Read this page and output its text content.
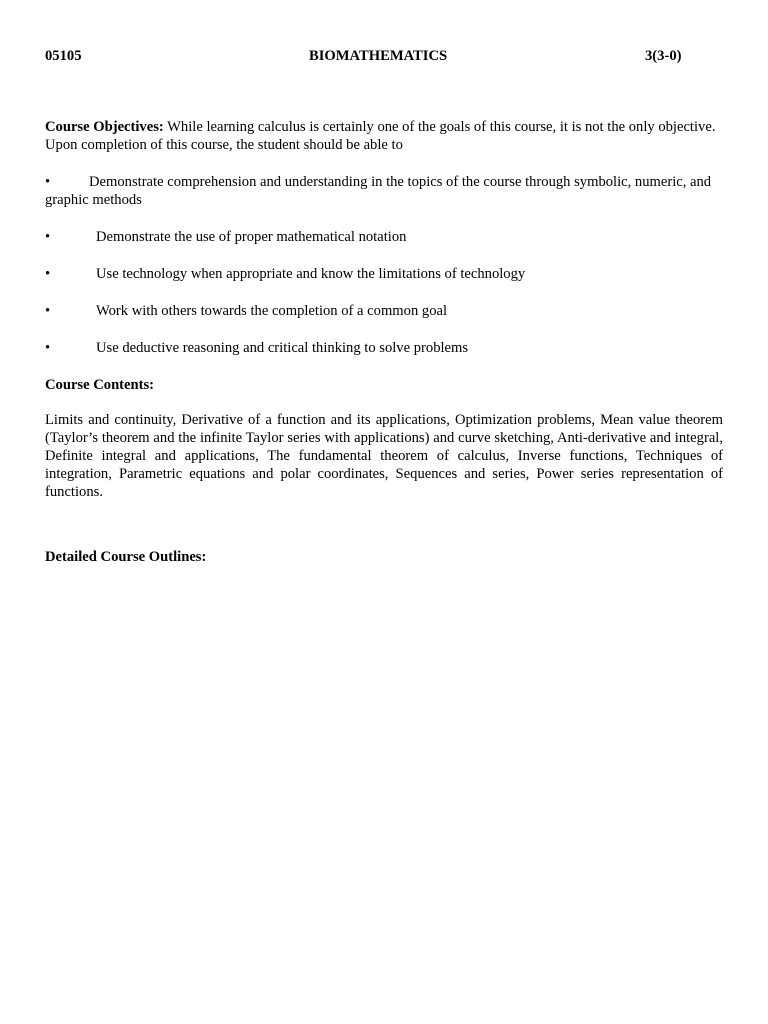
05105	BIOMATHEMATICS	3(3-0)
Course Objectives: While learning calculus is certainly one of the goals of this course, it is not the only objective. Upon completion of this course, the student should be able to
•	Demonstrate comprehension and understanding in the topics of the course through symbolic, numeric, and graphic methods
•	Demonstrate the use of proper mathematical notation
•	Use technology when appropriate and know the limitations of technology
•	Work with others towards the completion of a common goal
•	Use deductive reasoning and critical thinking to solve problems
Course Contents:
Limits and continuity, Derivative of a function and its applications, Optimization problems, Mean value theorem (Taylor’s theorem and the infinite Taylor series with applications) and curve sketching, Anti-derivative and integral, Definite integral and applications, The fundamental theorem of calculus, Inverse functions, Techniques of integration, Parametric equations and polar coordinates, Sequences and series, Power series representation of functions.
Detailed Course Outlines:
